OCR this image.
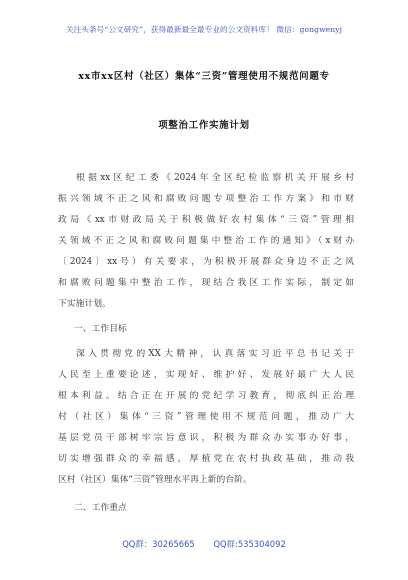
关注头条号“公文研究”，获得最新最全最专业的公文资料库！ 微信：gongwenyj
xx市xx区村（社区）集体“三资”管理使用不规范问题专
项整治工作实施计划
根据xx区纪工委《2024年全区纪检监察机关开展乡村
振兴领域不正之风和腐败问题专项整治工作方案》和市财
政局《xx市财政局关于积极做好农村集体“三资”管理相
关领域不正之风和腐败问题集中整治工作的通知》（x财办
〔2024〕xx号）有关要求，为积极开展群众身边不正之风
和腐败问题集中整治工作，现结合我区工作实际，制定如
下实施计划。
一、工作目标
深入贯彻党的XX大精神，认真落实习近平总书记关于
人民至上重要论述，实现好、维护好、发展好最广大人民
根本利益。结合正在开展的党纪学习教育，彻底纠正治理
村（社区）集体“三资”管理使用不规范问题，推动广大
基层党员干部树牢宗旨意识，积极为群众办实事办好事，
切实增强群众的幸福感，厚植党在农村执政基础，推动我
区村（社区）集体“三资”管理水平再上新的台阶。
二、工作重点
QQ群：30265665 QQ群:535304092
